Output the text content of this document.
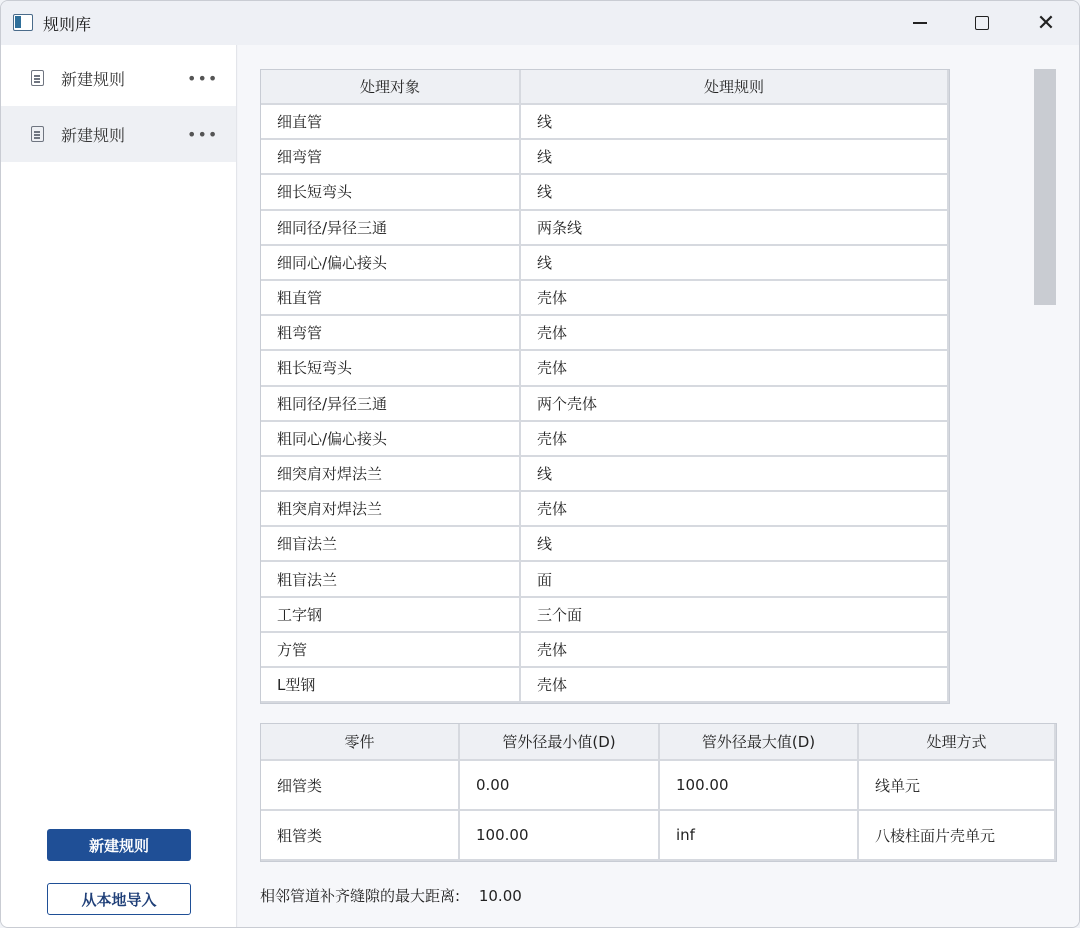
规则库	✕
新建规则	•••
新建规则	•••
新建规则
从本地导入
处理对象	处理规则
细直管	线
细弯管	线
细长短弯头	线
细同径/异径三通	两条线
细同心/偏心接头	线
粗直管	壳体
粗弯管	壳体
粗长短弯头	壳体
粗同径/异径三通	两个壳体
粗同心/偏心接头	壳体
细突肩对焊法兰	线
粗突肩对焊法兰	壳体
细盲法兰	线
粗盲法兰	面
工字钢	三个面
方管	壳体
L型钢	壳体
零件	管外径最小值(D)	管外径最大值(D)	处理方式
细管类	0.00	100.00	线单元
粗管类	100.00	inf	八棱柱面片壳单元
相邻管道补齐缝隙的最大距离: 10.00
